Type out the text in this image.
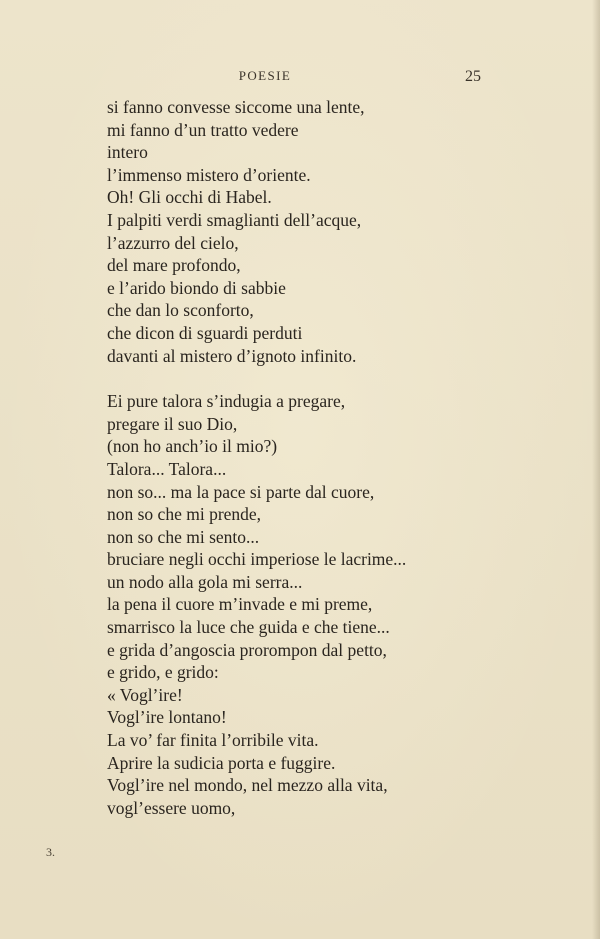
POESIE	25
si fanno convesse siccome una lente,
mi fanno d’un tratto vedere
intero
l’immenso mistero d’oriente.
Oh! Gli occhi di Habel.
I palpiti verdi smaglianti dell’acque,
l’azzurro del cielo,
del mare profondo,
e l’arido biondo di sabbie
che dan lo sconforto,
che dicon di sguardi perduti
davanti al mistero d’ignoto infinito.
Ei pure talora s’indugia a pregare,
pregare il suo Dio,
(non ho anch’io il mio?)
Talora... Talora...
non so... ma la pace si parte dal cuore,
non so che mi prende,
non so che mi sento...
bruciare negli occhi imperiose le lacrime...
un nodo alla gola mi serra...
la pena il cuore m’invade e mi preme,
smarrisco la luce che guida e che tiene...
e grida d’angoscia prorompon dal petto,
e grido, e grido:
« Vogl’ire!
Vogl’ire lontano!
La vo’ far finita l’orribile vita.
Aprire la sudicia porta e fuggire.
Vogl’ire nel mondo, nel mezzo alla vita,
vogl’essere uomo,
3.
